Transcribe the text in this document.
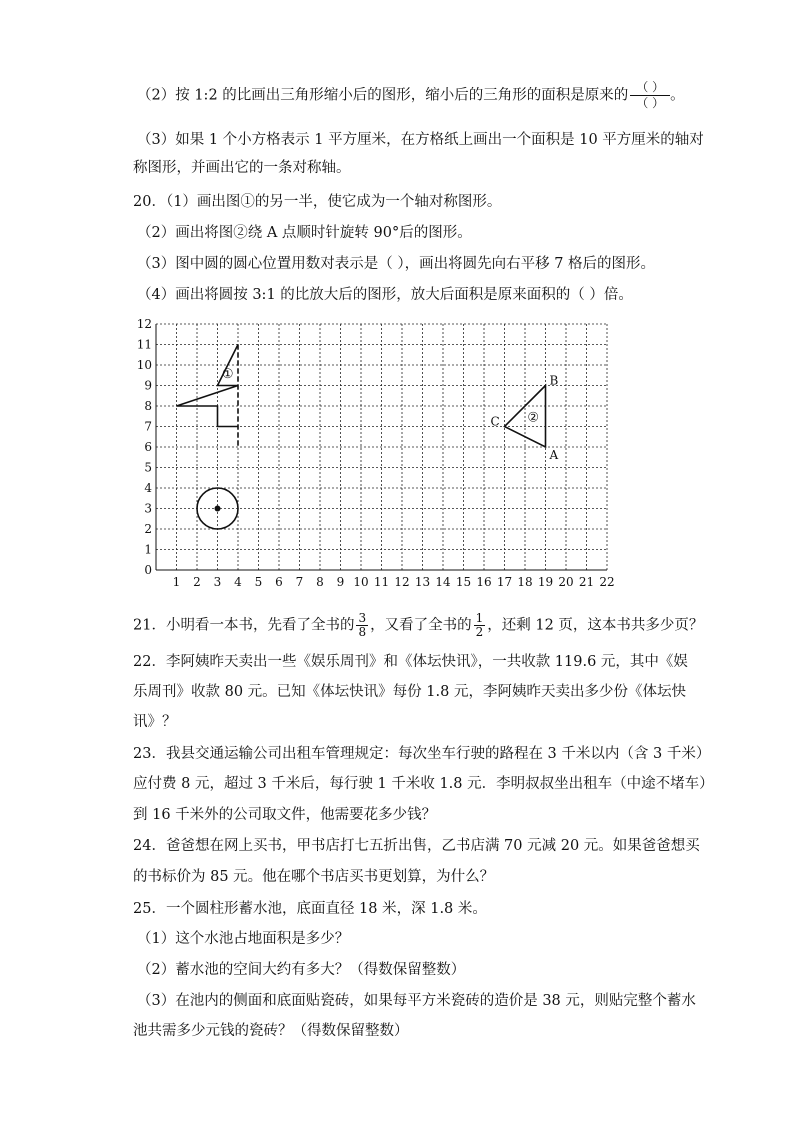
（2）按 1:2 的比画出三角形缩小后的图形，缩小后的三角形的面积是原来的 $\frac{( )}{( )}$ 。
（3）如果 1 个小方格表示 1 平方厘米，在方格纸上画出一个面积是 10 平方厘米的轴对
称图形，并画出它的一条对称轴。
20．（1）画出图①的另一半，使它成为一个轴对称图形。
（2）画出将图②绕 A 点顺时针旋转 90°后的图形。
（3）图中圆的圆心位置用数对表示是（ ），画出将圆先向右平移 7 格后的图形。
（4）画出将圆按 3:1 的比放大后的图形，放大后面积是原来面积的（ ）倍。
1 2 3 4 5 6 7 8 9 10 11 12 13 14 15 16 17 18 19 20 21 22
0
1
2
3
4
5
6
7
8
9
10
11
12
①
②
B
C
A
21．小明看一本书，先看了全书的 $\frac{3}{8}$ ，又看了全书的 $\frac{1}{2}$ ，还剩 12 页，这本书共多少页？
22．李阿姨昨天卖出一些《娱乐周刊》和《体坛快讯》，一共收款 119.6 元，其中《娱
乐周刊》收款 80 元。已知《体坛快讯》每份 1.8 元，李阿姨昨天卖出多少份《体坛快
讯》？
23．我县交通运输公司出租车管理规定：每次坐车行驶的路程在 3 千米以内（含 3 千米）
应付费 8 元，超过 3 千米后，每行驶 1 千米收 1.8 元．李明叔叔坐出租车（中途不堵车）
到 16 千米外的公司取文件，他需要花多少钱？
24．爸爸想在网上买书，甲书店打七五折出售，乙书店满 70 元减 20 元。如果爸爸想买
的书标价为 85 元。他在哪个书店买书更划算，为什么？
25．一个圆柱形蓄水池，底面直径 18 米，深 1.8 米。
（1）这个水池占地面积是多少？
（2）蓄水池的空间大约有多大？（得数保留整数）
（3）在池内的侧面和底面贴瓷砖，如果每平方米瓷砖的造价是 38 元，则贴完整个蓄水
池共需多少元钱的瓷砖？（得数保留整数）
